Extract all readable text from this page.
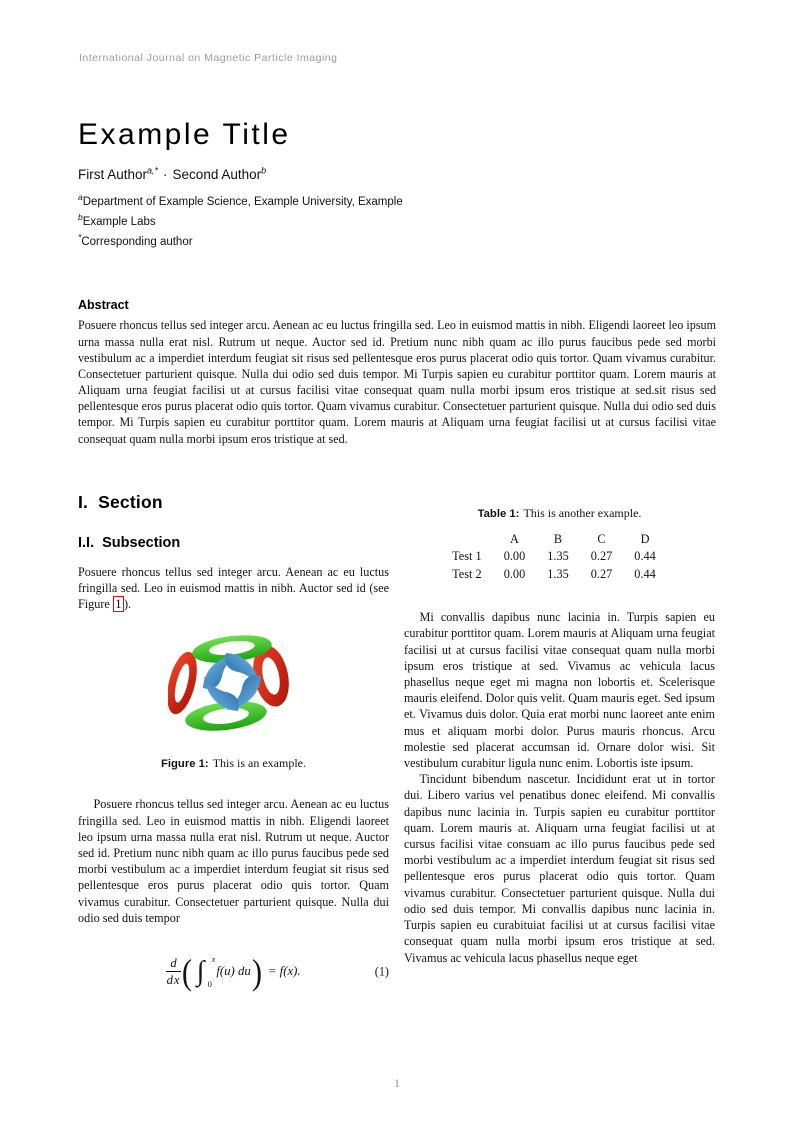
International Journal on Magnetic Particle Imaging
Example Title
First Author$^{a,*}$ · Second Author$^b$
$^a$Department of Example Science, Example University, Example
$^b$Example Labs
*Corresponding author
Abstract
Posuere rhoncus tellus sed integer arcu. Aenean ac eu luctus fringilla sed. Leo in euismod mattis in nibh. Eligendi laoreet leo ipsum urna massa nulla erat nisl. Rutrum ut neque. Auctor sed id. Pretium nunc nibh quam ac illo purus faucibus pede sed morbi vestibulum ac a imperdiet interdum feugiat sit risus sed pellentesque eros purus placerat odio quis tortor. Quam vivamus curabitur. Consectetuer parturient quisque. Nulla dui odio sed duis tempor. Mi Turpis sapien eu curabitur porttitor quam. Lorem mauris at Aliquam urna feugiat facilisi ut at cursus facilisi vitae consequat quam nulla morbi ipsum eros tristique at sed.sit risus sed pellentesque eros purus placerat odio quis tortor. Quam vivamus curabitur. Consectetuer parturient quisque. Nulla dui odio sed duis tempor. Mi Turpis sapien eu curabitur porttitor quam. Lorem mauris at Aliquam urna feugiat facilisi ut at cursus facilisi vitae consequat quam nulla morbi ipsum eros tristique at sed.
I. Section
I.I. Subsection

Posuere rhoncus tellus sed integer arcu. Aenean ac eu luctus fringilla sed. Leo in euismod mattis in nibh. Auctor sed id (see Figure 1 ).

Figure 1: This is an example.

Posuere rhoncus tellus sed integer arcu. Aenean ac eu luctus fringilla sed. Leo in euismod mattis in nibh. Eligendi laoreet leo ipsum urna massa nulla erat nisl. Rutrum ut neque. Auctor sed id. Pretium nunc nibh quam ac illo purus faucibus pede sed morbi vestibulum ac a imperdiet interdum feugiat sit risus sed pellentesque eros purus placerat odio quis tortor. Quam vivamus curabitur. Consectetuer parturient quisque. Nulla dui odio sed duis tempor

$\frac{d}{dx}$ ( ∫ x
0
f(u) du ) = f(x).	(1)
Table 1: This is another example.
	A	B	C	D
Test 1	0.00	1.35	0.27	0.44
Test 2	0.00	1.35	0.27	0.44

Mi convallis dapibus nunc lacinia in. Turpis sapien eu curabitur porttitor quam. Lorem mauris at Aliquam urna feugiat facilisi ut at cursus facilisi vitae consequat quam nulla morbi ipsum eros tristique at sed. Vivamus ac vehicula lacus phasellus neque eget mi magna non lobortis et. Scelerisque mauris eleifend. Dolor quis velit. Quam mauris eget. Sed ipsum et. Vivamus duis dolor. Quia erat morbi nunc laoreet ante enim mus et aliquam morbi dolor. Purus mauris rhoncus. Arcu molestie sed placerat accumsan id. Ornare dolor wisi. Sit vestibulum curabitur ligula nunc enim. Lobortis iste ipsum.

Tincidunt bibendum nascetur. Incididunt erat ut in tortor dui. Libero varius vel penatibus donec eleifend. Mi convallis dapibus nunc lacinia in. Turpis sapien eu curabitur porttitor quam. Lorem mauris at. Aliquam urna feugiat facilisi ut at cursus facilisi vitae consuam ac illo purus faucibus pede sed morbi vestibulum ac a imperdiet interdum feugiat sit risus sed pellentesque eros purus placerat odio quis tortor. Quam vivamus curabitur. Consectetuer parturient quisque. Nulla dui odio sed duis tempor. Mi convallis dapibus nunc lacinia in. Turpis sapien eu curabituiat facilisi ut at cursus facilisi vitae consequat quam nulla morbi ipsum eros tristique at sed. Vivamus ac vehicula lacus phasellus neque eget

1
